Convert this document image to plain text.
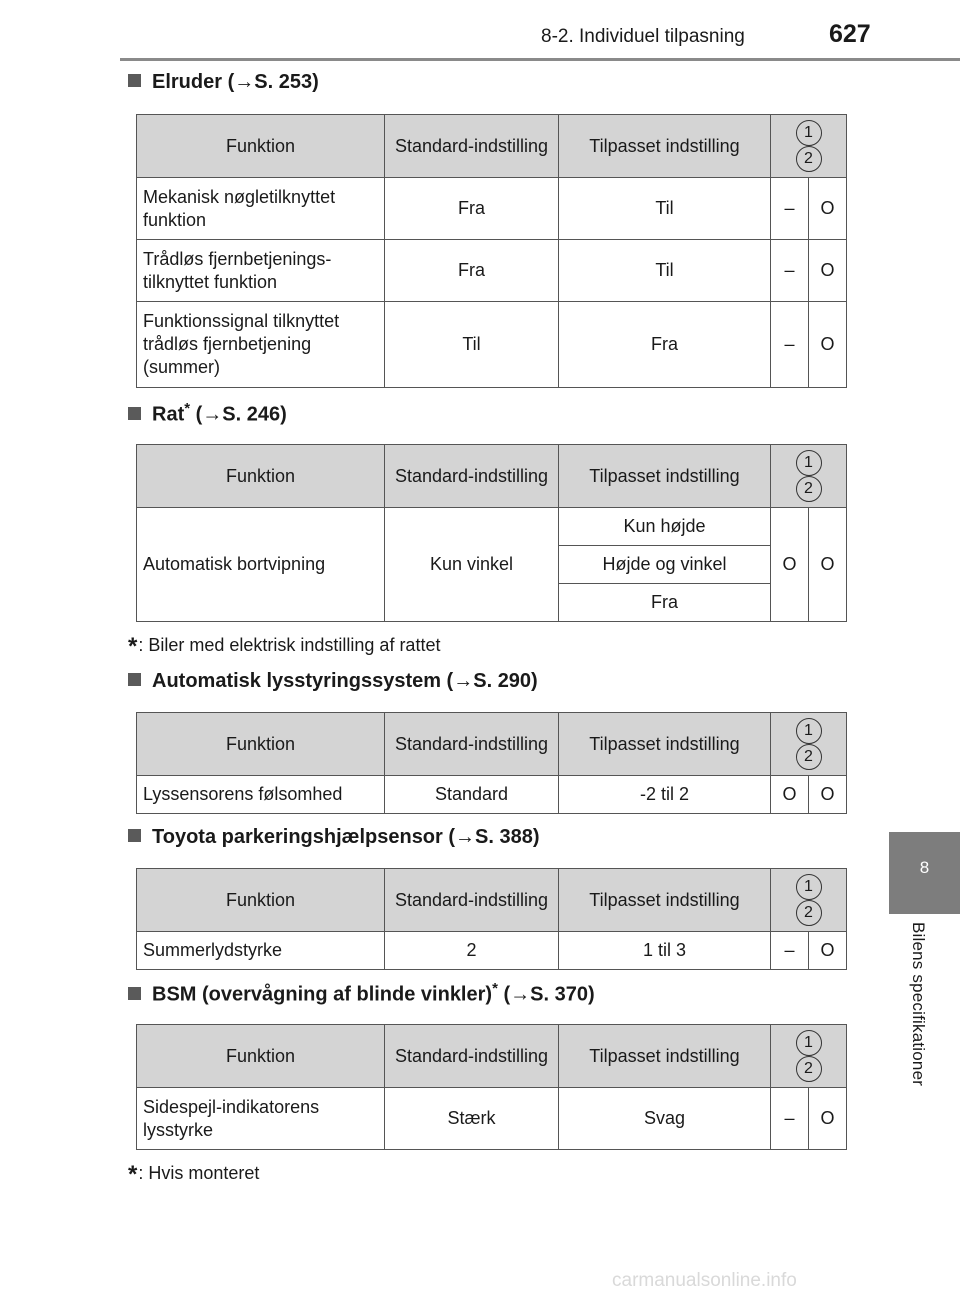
8-2. Individuel tilpasning	627
8
Bilens specifikationer
Elruder (→S. 253)
Funktion	Standard-indstilling	Tilpasset indstilling	12	
Mekanisk nøgletilknyttet funktion	Fra	Til	–	O
Trådløs fjernbetjenings-tilknyttet funktion	Fra	Til	–	O
Funktionssignal tilknyttet trådløs fjernbetjening (summer)	Til	Fra	–	O
Rat* (→S. 246)
Funktion	Standard-indstilling	Tilpasset indstilling	12	
Automatisk bortvipning	Kun vinkel	Kun højde	O	O
		Højde og vinkel		
		Fra		
*: Biler med elektrisk indstilling af rattet
Automatisk lysstyringssystem (→S. 290)
Funktion	Standard-indstilling	Tilpasset indstilling	12	
Lyssensorens følsomhed	Standard	-2 til 2	O	O
Toyota parkeringshjælpsensor (→S. 388)
Funktion	Standard-indstilling	Tilpasset indstilling	12	
Summerlydstyrke	2	1 til 3	–	O
BSM (overvågning af blinde vinkler)* (→S. 370)
Funktion	Standard-indstilling	Tilpasset indstilling	12	
Sidespejl-indikatorens lysstyrke	Stærk	Svag	–	O
*: Hvis monteret
carmanualsonline.info
